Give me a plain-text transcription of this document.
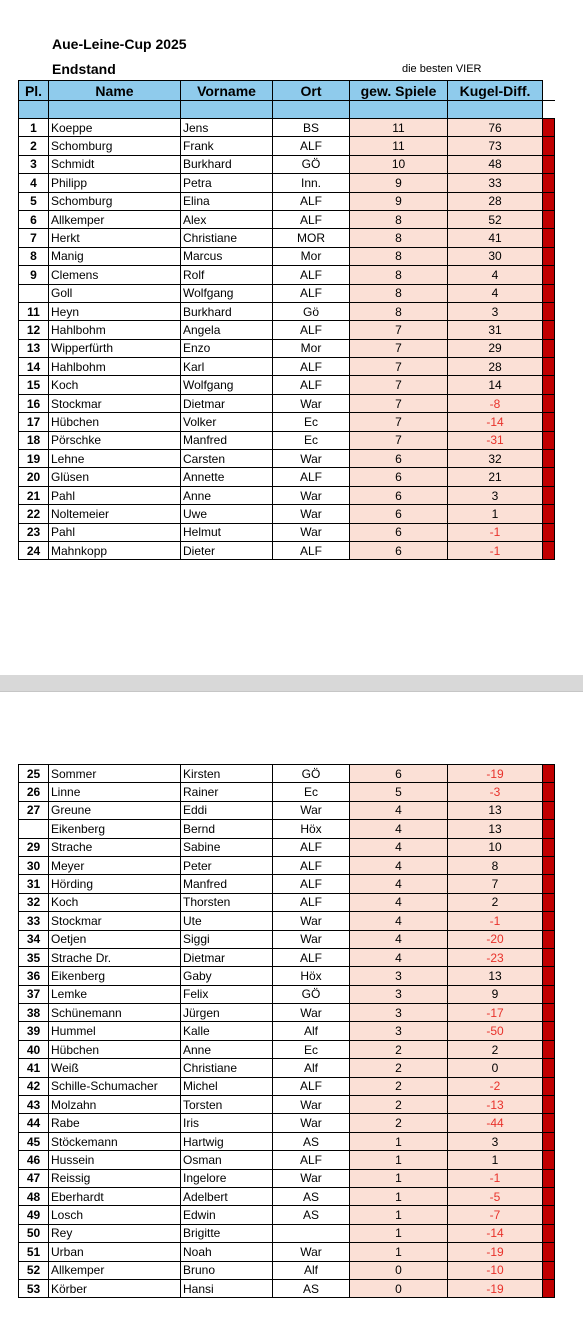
Aue-Leine-Cup 2025
Endstand	die besten VIER
Pl.	Name	Vorname	Ort	gew. Spiele	Kugel-Diff.	

1	Koeppe	Jens	BS	11	76	
2	Schomburg	Frank	ALF	11	73	
3	Schmidt	Burkhard	GÖ	10	48	
4	Philipp	Petra	Inn.	9	33	
5	Schomburg	Elina	ALF	9	28	
6	Allkemper	Alex	ALF	8	52	
7	Herkt	Christiane	MOR	8	41	
8	Manig	Marcus	Mor	8	30	
9	Clemens	Rolf	ALF	8	4	
	Goll	Wolfgang	ALF	8	4	
11	Heyn	Burkhard	Gö	8	3	
12	Hahlbohm	Angela	ALF	7	31	
13	Wipperfürth	Enzo	Mor	7	29	
14	Hahlbohm	Karl	ALF	7	28	
15	Koch	Wolfgang	ALF	7	14	
16	Stockmar	Dietmar	War	7	-8	
17	Hübchen	Volker	Ec	7	-14	
18	Pörschke	Manfred	Ec	7	-31	
19	Lehne	Carsten	War	6	32	
20	Glüsen	Annette	ALF	6	21	
21	Pahl	Anne	War	6	3	
22	Noltemeier	Uwe	War	6	1	
23	Pahl	Helmut	War	6	-1	
24	Mahnkopp	Dieter	ALF	6	-1	
25	Sommer	Kirsten	GÖ	6	-19	
26	Linne	Rainer	Ec	5	-3	
27	Greune	Eddi	War	4	13	
	Eikenberg	Bernd	Höx	4	13	
29	Strache	Sabine	ALF	4	10	
30	Meyer	Peter	ALF	4	8	
31	Hörding	Manfred	ALF	4	7	
32	Koch	Thorsten	ALF	4	2	
33	Stockmar	Ute	War	4	-1	
34	Oetjen	Siggi	War	4	-20	
35	Strache Dr.	Dietmar	ALF	4	-23	
36	Eikenberg	Gaby	Höx	3	13	
37	Lemke	Felix	GÖ	3	9	
38	Schünemann	Jürgen	War	3	-17	
39	Hummel	Kalle	Alf	3	-50	
40	Hübchen	Anne	Ec	2	2	
41	Weiß	Christiane	Alf	2	0	
42	Schille-Schumacher	Michel	ALF	2	-2	
43	Molzahn	Torsten	War	2	-13	
44	Rabe	Iris	War	2	-44	
45	Stöckemann	Hartwig	AS	1	3	
46	Hussein	Osman	ALF	1	1	
47	Reissig	Ingelore	War	1	-1	
48	Eberhardt	Adelbert	AS	1	-5	
49	Losch	Edwin	AS	1	-7	
50	Rey	Brigitte		1	-14	
51	Urban	Noah	War	1	-19	
52	Allkemper	Bruno	Alf	0	-10	
53	Körber	Hansi	AS	0	-19	
